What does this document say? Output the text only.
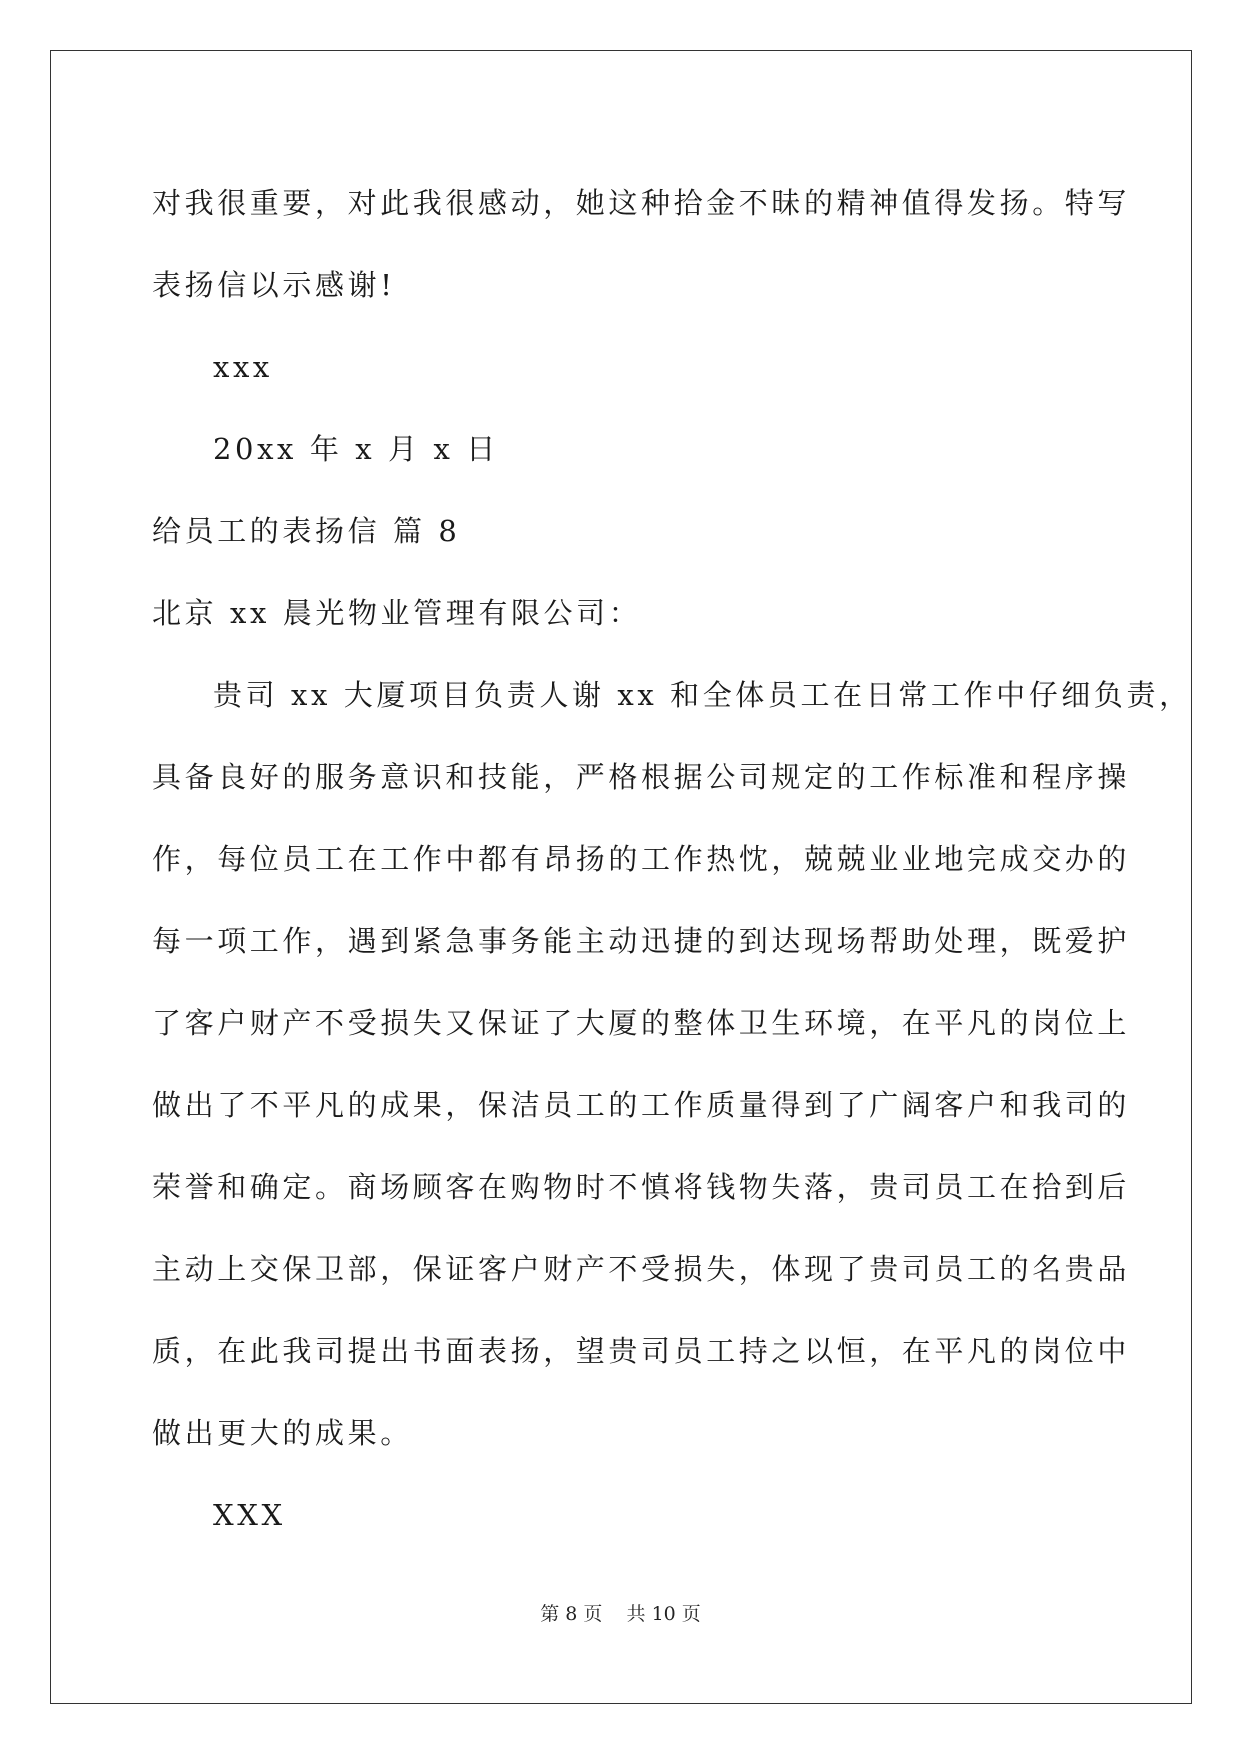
对我很重要，对此我很感动，她这种拾金不昧的精神值得发扬。特写
表扬信以示感谢!
xxx
20xx 年 x 月 x 日
给员工的表扬信 篇 8
北京 xx 晨光物业管理有限公司：
贵司 xx 大厦项目负责人谢 xx 和全体员工在日常工作中仔细负责，
具备良好的服务意识和技能，严格根据公司规定的工作标准和程序操
作，每位员工在工作中都有昂扬的工作热忱，兢兢业业地完成交办的
每一项工作，遇到紧急事务能主动迅捷的到达现场帮助处理，既爱护
了客户财产不受损失又保证了大厦的整体卫生环境，在平凡的岗位上
做出了不平凡的成果，保洁员工的工作质量得到了广阔客户和我司的
荣誉和确定。商场顾客在购物时不慎将钱物失落，贵司员工在拾到后
主动上交保卫部，保证客户财产不受损失，体现了贵司员工的名贵品
质，在此我司提出书面表扬，望贵司员工持之以恒，在平凡的岗位中
做出更大的成果。
XXX
第 8 页    共 10 页
